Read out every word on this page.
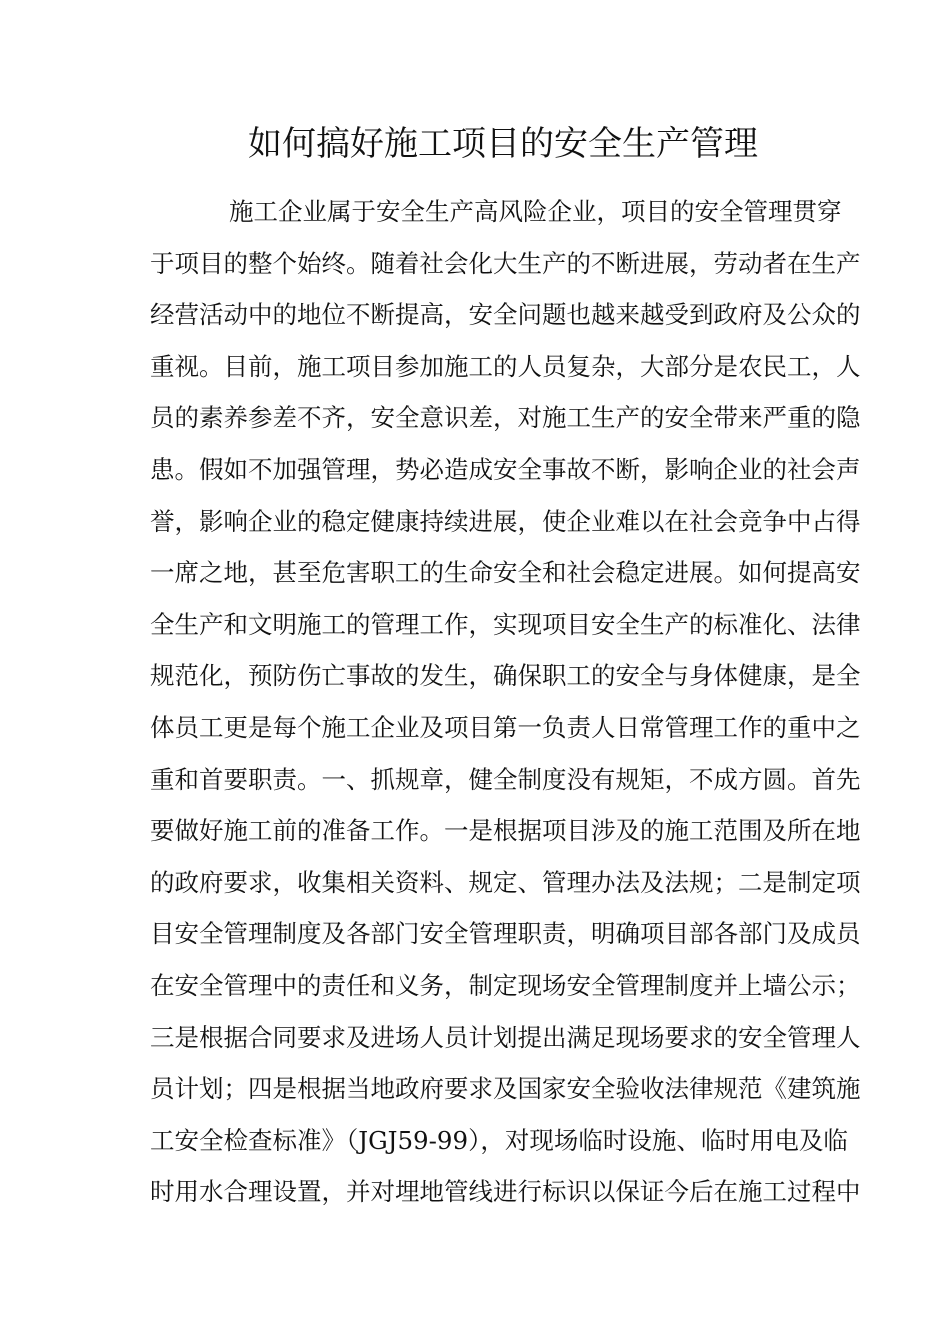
如何搞好施工项目的安全生产管理
施工企业属于安全生产高风险企业，项目的安全管理贯穿
于项目的整个始终。随着社会化大生产的不断进展，劳动者在生产
经营活动中的地位不断提高，安全问题也越来越受到政府及公众的
重视。目前，施工项目参加施工的人员复杂，大部分是农民工，人
员的素养参差不齐，安全意识差，对施工生产的安全带来严重的隐
患。假如不加强管理，势必造成安全事故不断，影响企业的社会声
誉，影响企业的稳定健康持续进展，使企业难以在社会竞争中占得
一席之地，甚至危害职工的生命安全和社会稳定进展。如何提高安
全生产和文明施工的管理工作，实现项目安全生产的标准化、法律
规范化，预防伤亡事故的发生，确保职工的安全与身体健康，是全
体员工更是每个施工企业及项目第一负责人日常管理工作的重中之
重和首要职责。一、抓规章，健全制度没有规矩，不成方圆。首先
要做好施工前的准备工作。一是根据项目涉及的施工范围及所在地
的政府要求，收集相关资料、规定、管理办法及法规；二是制定项
目安全管理制度及各部门安全管理职责，明确项目部各部门及成员
在安全管理中的责任和义务，制定现场安全管理制度并上墙公示；
三是根据合同要求及进场人员计划提出满足现场要求的安全管理人
员计划；四是根据当地政府要求及国家安全验收法律规范《建筑施
工安全检查标准》（JGJ59-99），对现场临时设施、临时用电及临
时用水合理设置，并对埋地管线进行标识以保证今后在施工过程中
